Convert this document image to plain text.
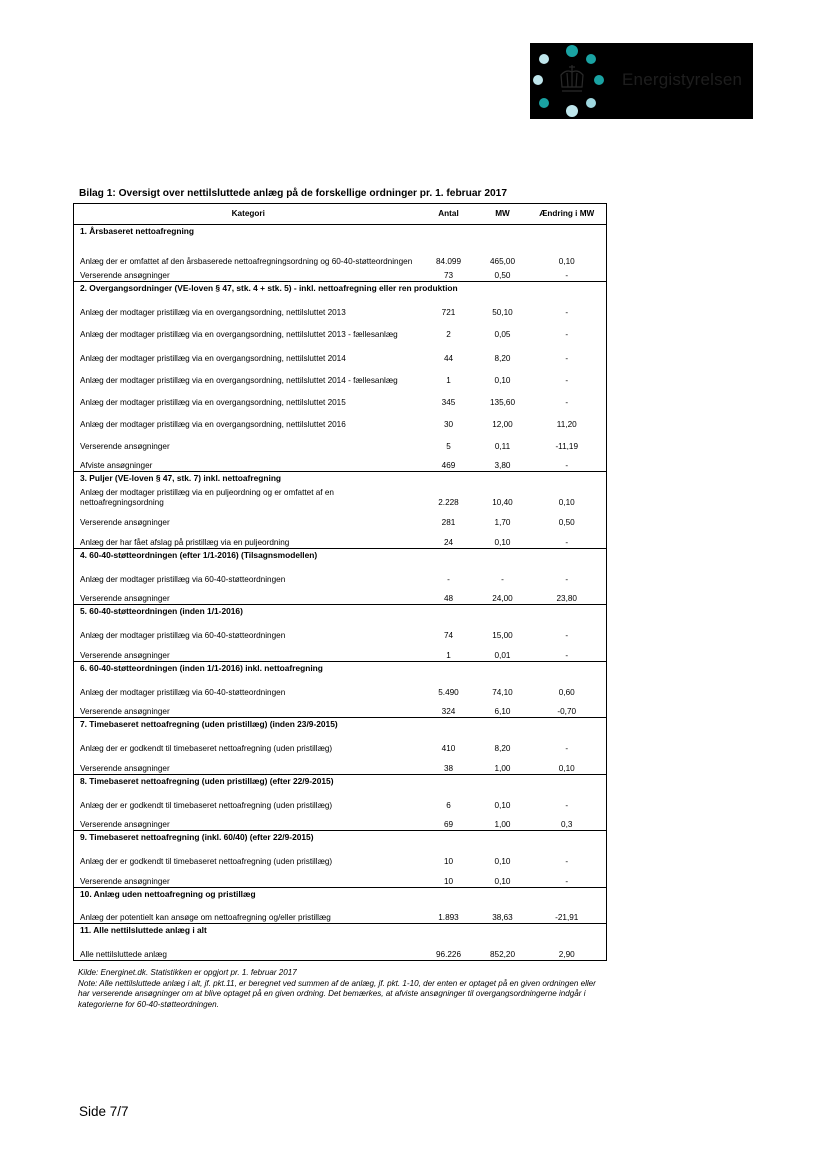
Energistyrelsen
Bilag 1: Oversigt over nettilsluttede anlæg på de forskellige ordninger pr. 1. februar 2017
Kategori	Antal	MW	Ændring i MW
1. Årsbaseret nettoafregning			
Anlæg der er omfattet af den årsbaserede nettoafregningsordning og 60-40-støtteordningen	84.099	465,00	0,10
Verserende ansøgninger	73	0,50	-
2. Overgangsordninger (VE-loven § 47, stk. 4 + stk. 5) - inkl. nettoafregning eller ren produktion			
Anlæg der modtager pristillæg via en overgangsordning, nettilsluttet 2013	721	50,10	-
Anlæg der modtager pristillæg via en overgangsordning, nettilsluttet 2013 - fællesanlæg	2	0,05	-
Anlæg der modtager pristillæg via en overgangsordning, nettilsluttet 2014	44	8,20	-
Anlæg der modtager pristillæg via en overgangsordning, nettilsluttet 2014 - fællesanlæg	1	0,10	-
Anlæg der modtager pristillæg via en overgangsordning, nettilsluttet 2015	345	135,60	-
Anlæg der modtager pristillæg via en overgangsordning, nettilsluttet 2016	30	12,00	11,20
Verserende ansøgninger	5	0,11	-11,19
Afviste ansøgninger	469	3,80	-
3. Puljer (VE-loven § 47, stk. 7) inkl. nettoafregning			
Anlæg der modtager pristillæg via en puljeordning og er omfattet af en nettoafregningsordning	2.228	10,40	0,10
Verserende ansøgninger	281	1,70	0,50
Anlæg der har fået afslag på pristillæg via en puljeordning	24	0,10	-
4. 60-40-støtteordningen (efter 1/1-2016) (Tilsagnsmodellen)			
Anlæg der modtager pristillæg via 60-40-støtteordningen	-	-	-
Verserende ansøgninger	48	24,00	23,80
5. 60-40-støtteordningen (inden 1/1-2016)			
Anlæg der modtager pristillæg via 60-40-støtteordningen	74	15,00	-
Verserende ansøgninger	1	0,01	-
6. 60-40-støtteordningen (inden 1/1-2016) inkl. nettoafregning			
Anlæg der modtager pristillæg via 60-40-støtteordningen	5.490	74,10	0,60
Verserende ansøgninger	324	6,10	-0,70
7. Timebaseret nettoafregning (uden pristillæg) (inden 23/9-2015)			
Anlæg der er godkendt til timebaseret nettoafregning (uden pristillæg)	410	8,20	-
Verserende ansøgninger	38	1,00	0,10
8. Timebaseret nettoafregning (uden pristillæg) (efter 22/9-2015)			
Anlæg der er godkendt til timebaseret nettoafregning (uden pristillæg)	6	0,10	-
Verserende ansøgninger	69	1,00	0,3
9. Timebaseret nettoafregning (inkl. 60/40) (efter 22/9-2015)			
Anlæg der er godkendt til timebaseret nettoafregning (uden pristillæg)	10	0,10	-
Verserende ansøgninger	10	0,10	-
10. Anlæg uden nettoafregning og pristillæg			
Anlæg der potentielt kan ansøge om nettoafregning og/eller pristillæg	1.893	38,63	-21,91
11. Alle nettilsluttede anlæg i alt			
Alle nettilsluttede anlæg	96.226	852,20	2,90
Kilde: Energinet.dk. Statistikken er opgjort pr. 1. februar 2017
Note: Alle nettilsluttede anlæg i alt, jf. pkt.11, er beregnet ved summen af de anlæg, jf. pkt. 1-10, der enten er optaget på en given ordningen eller har verserende ansøgninger om at blive optaget på en given ordning. Det bemærkes, at afviste ansøgninger til overgangsordningerne indgår i kategorierne for 60-40-støtteordningen.
Side 7/7
